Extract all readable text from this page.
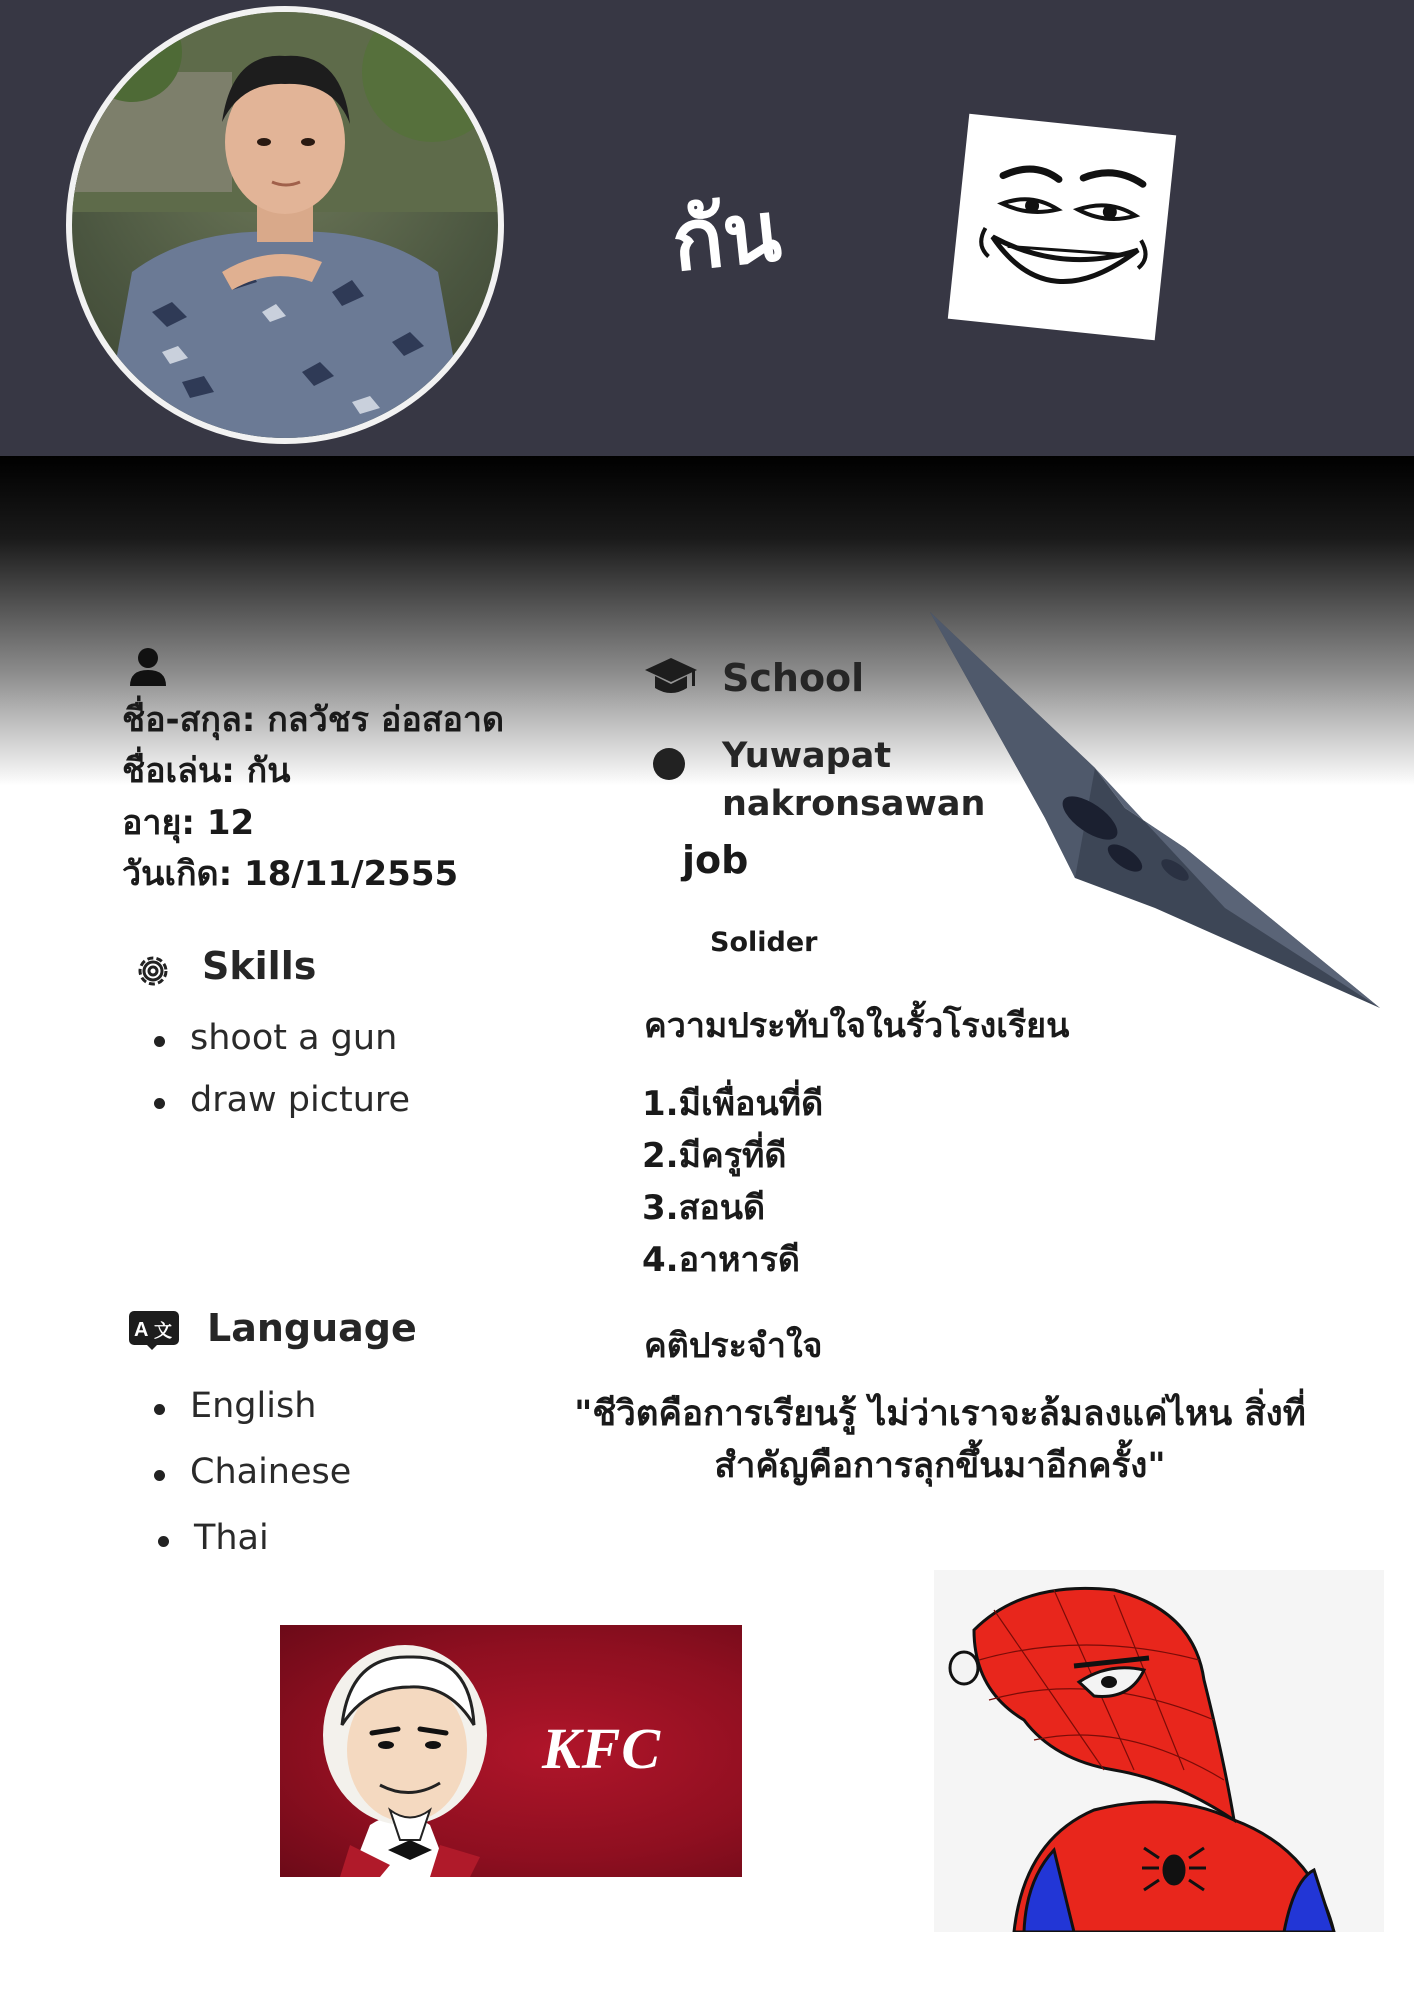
กัน
ชื่อ-สกุล: กลวัชร อ่อสอาด
ชื่อเล่น: กัน
อายุ: 12
วันเกิด: 18/11/2555
Skills
shoot a gun
draw picture
A 文 Language
English
Chainese
Thai
School
Yuwapat
nakronsawan
job
Solider
ความประทับใจในรั้วโรงเรียน
1.มีเพื่อนที่ดี
2.มีครูที่ดี
3.สอนดี
4.อาหารดี
คติประจำใจ
"ชีวิตคือการเรียนรู้ ไม่ว่าเราจะล้มลงแค่ไหน สิ่งที่
สำคัญคือการลุกขึ้นมาอีกครั้ง"
KFC
